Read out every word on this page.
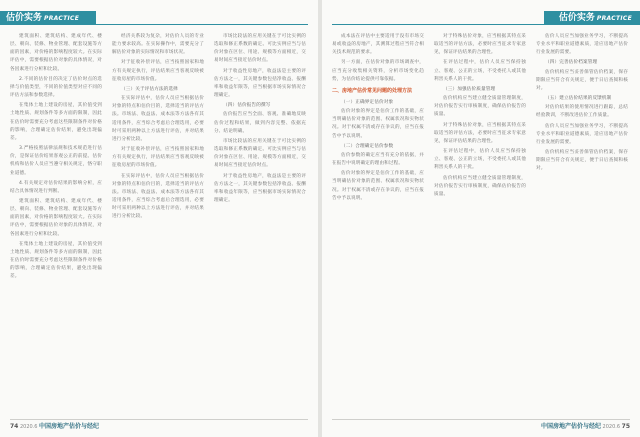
估价实务 PRACTICE

建筑面积、建筑结构、建成年代、楼层、朝向、装修、物业管理、配套设施等方面的因素，对价格的影响程度较大。在实际评估中，需要根据估价对象的具体情况，对各因素进行分析和比较。

2.不同的估价目的决定了估价时点的选择与价值类型，不同的价值类型对应不同的评估方法和参数选择。

在集体土地上建设的房屋，其价值受到土地性质、规划条件等多方面的限制，因此在估价时需要充分考虑这些限制条件对价格的影响，合理确定估价结果，避免出现偏差。

3.严格按照法律法规和技术规范进行估价，是保证估价结果客观公正的前提。估价机构和估价人员应当遵守相关规定，恪守职业道德。

4.有关规定对估价结果的影响分析，应结合具体情况进行判断。

建筑面积、建筑结构、建成年代、楼层、朝向、装修、物业管理、配套设施等方面的因素，对价格的影响程度较大。在实际评估中，需要根据估价对象的具体情况，对各因素进行分析和比较。

在集体土地上建设的房屋，其价值受到土地性质、规划条件等多方面的限制，因此在估价时需要充分考虑这些限制条件对价格的影响，合理确定估价结果，避免出现偏差。

经济关系较为复杂，对估价人员的专业能力要求较高。在实际操作中，需要充分了解估价对象的实际情况和市场状况。

对于征收补偿评估，应当按照国家和地方有关规定执行，评估结果应当客观反映被征收房屋的市场价值。

（三）关于评估方法的选择

在实际评估中，估价人员应当根据估价对象的特点和估价目的，选择适当的评估方法。市场法、收益法、成本法等方法各有其适用条件，应当综合考虑后合理选用，必要时可采用两种以上方法进行评估，并对结果进行分析比较。

对于征收补偿评估，应当按照国家和地方有关规定执行，评估结果应当客观反映被征收房屋的市场价值。

在实际评估中，估价人员应当根据估价对象的特点和估价目的，选择适当的评估方法。市场法、收益法、成本法等方法各有其适用条件，应当综合考虑后合理选用，必要时可采用两种以上方法进行评估，并对结果进行分析比较。

市场比较法的应用关键在于可比实例的选取和修正系数的确定。可比实例应当与估价对象在区位、用途、规模等方面相近，交易时间应当接近估价时点。

对于收益性房地产，收益法是主要的评估方法之一，其关键参数包括净收益、报酬率和收益年限等，应当根据市场实际情况合理确定。

（四）估价报告的撰写

估价报告应当全面、客观、准确地反映估价过程和结果，做到内容完整、依据充分、结论明确。

市场比较法的应用关键在于可比实例的选取和修正系数的确定。可比实例应当与估价对象在区位、用途、规模等方面相近，交易时间应当接近估价时点。

对于收益性房地产，收益法是主要的评估方法之一，其关键参数包括净收益、报酬率和收益年限等，应当根据市场实际情况合理确定。

74 2020.6 中国房地产估价与经纪
估价实务 PRACTICE

成本法在评估中主要适用于没有市场交易或收益的房地产，其测算过程应当符合相关技术规范的要求。

另一方面，在估价对象的市场调查中，应当充分收集相关资料，分析市场变化趋势，为估价结论提供可靠依据。

二、房地产估价常见问题的处理方法

（一）正确界定估价对象

估价对象的界定是估价工作的基础，应当明确估价对象的范围、权属状况和实物状况。对于权属不清或存在争议的，应当在报告中予以说明。

（二）合理确定估价参数

估价参数的确定应当有充分的依据，并在报告中说明确定的理由和过程。

估价对象的界定是估价工作的基础，应当明确估价对象的范围、权属状况和实物状况。对于权属不清或存在争议的，应当在报告中予以说明。

对于特殊估价对象，应当根据其特点采取适当的评估方法，必要时应当征求专家意见，保证评估结果的合理性。

在评估过程中，估价人员应当保持独立、客观、公正的立场，不受委托人或其他利害关系人的干扰。

（三）加强估价质量管理

估价机构应当建立健全质量管理制度，对估价报告实行审核制度，确保估价报告的质量。

对于特殊估价对象，应当根据其特点采取适当的评估方法，必要时应当征求专家意见，保证评估结果的合理性。

在评估过程中，估价人员应当保持独立、客观、公正的立场，不受委托人或其他利害关系人的干扰。

估价机构应当建立健全质量管理制度，对估价报告实行审核制度，确保估价报告的质量。

估价人员应当加强业务学习，不断提高专业水平和职业道德素质，适应房地产估价行业发展的需要。

（四）完善估价档案管理

估价机构应当妥善保管估价档案，保存期限应当符合有关规定，便于日后查阅和核对。

（五）建立估价结果的反馈机制

对估价结果的使用情况进行跟踪，总结经验教训，不断改进估价工作质量。

估价人员应当加强业务学习，不断提高专业水平和职业道德素质，适应房地产估价行业发展的需要。

估价机构应当妥善保管估价档案，保存期限应当符合有关规定，便于日后查阅和核对。

中国房地产估价与经纪 2020.6 75
